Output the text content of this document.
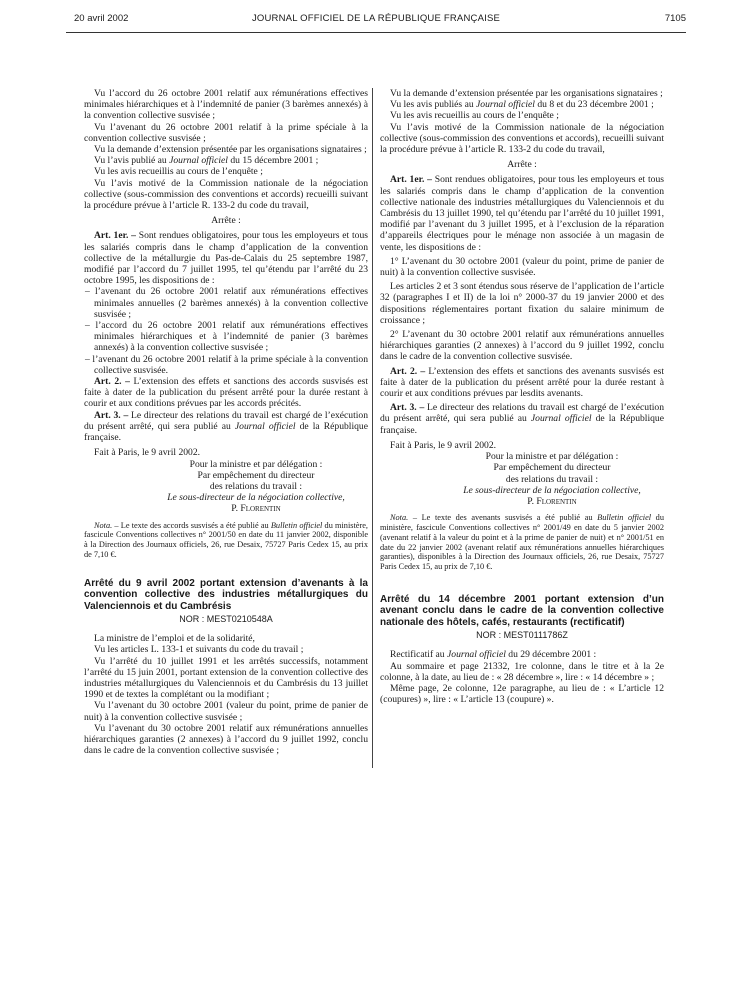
20 avril 2002	JOURNAL OFFICIEL DE LA RÉPUBLIQUE FRANÇAISE	7105

Vu l’accord du 26 octobre 2001 relatif aux rémunérations effectives minimales hiérarchiques et à l’indemnité de panier (3 barèmes annexés) à la convention collective susvisée ;

Vu l’avenant du 26 octobre 2001 relatif à la prime spéciale à la convention collective susvisée ;

Vu la demande d’extension présentée par les organisations signataires ;

Vu l’avis publié au Journal officiel du 15 décembre 2001 ;

Vu les avis recueillis au cours de l’enquête ;

Vu l’avis motivé de la Commission nationale de la négociation collective (sous-commission des conventions et accords) recueilli suivant la procédure prévue à l’article R. 133-2 du code du travail,

Arrête :

Art. 1er. – Sont rendues obligatoires, pour tous les employeurs et tous les salariés compris dans le champ d’application de la convention collective de la métallurgie du Pas-de-Calais du 25 septembre 1987, modifié par l’accord du 7 juillet 1995, tel qu’étendu par l’arrêté du 23 octobre 1995, les dispositions de :

– l’avenant du 26 octobre 2001 relatif aux rémunérations effectives minimales annuelles (2 barèmes annexés) à la convention collective susvisée ;

– l’accord du 26 octobre 2001 relatif aux rémunérations effectives minimales hiérarchiques et à l’indemnité de panier (3 barèmes annexés) à la convention collective susvisée ;

– l’avenant du 26 octobre 2001 relatif à la prime spéciale à la convention collective susvisée.

Art. 2. – L’extension des effets et sanctions des accords susvisés est faite à dater de la publication du présent arrêté pour la durée restant à courir et aux conditions prévues par les accords précités.

Art. 3. – Le directeur des relations du travail est chargé de l’exécution du présent arrêté, qui sera publié au Journal officiel de la République française.

Fait à Paris, le 9 avril 2002.

Pour la ministre et par délégation :

Par empêchement du directeur

des relations du travail :

Le sous-directeur de la négociation collective,

P. Florentin

Nota. – Le texte des accords susvisés a été publié au Bulletin officiel du ministère, fascicule Conventions collectives n° 2001/50 en date du 11 janvier 2002, disponible à la Direction des Journaux officiels, 26, rue Desaix, 75727 Paris Cedex 15, au prix de 7,10 €.

Arrêté du 9 avril 2002 portant extension d’avenants à la convention collective des industries métallurgiques du Valenciennois et du Cambrésis

NOR : MEST0210548A

La ministre de l’emploi et de la solidarité,

Vu les articles L. 133-1 et suivants du code du travail ;

Vu l’arrêté du 10 juillet 1991 et les arrêtés successifs, notamment l’arrêté du 15 juin 2001, portant extension de la convention collective des industries métallurgiques du Valenciennois et du Cambrésis du 13 juillet 1990 et de textes la complétant ou la modifiant ;

Vu l’avenant du 30 octobre 2001 (valeur du point, prime de panier de nuit) à la convention collective susvisée ;

Vu l’avenant du 30 octobre 2001 relatif aux rémunérations annuelles hiérarchiques garanties (2 annexes) à l’accord du 9 juillet 1992, conclu dans le cadre de la convention collective susvisée ;

Vu la demande d’extension présentée par les organisations signataires ;

Vu les avis publiés au Journal officiel du 8 et du 23 décembre 2001 ;

Vu les avis recueillis au cours de l’enquête ;

Vu l’avis motivé de la Commission nationale de la négociation collective (sous-commission des conventions et accords), recueilli suivant la procédure prévue à l’article R. 133-2 du code du travail,

Arrête :

Art. 1er. – Sont rendues obligatoires, pour tous les employeurs et tous les salariés compris dans le champ d’application de la convention collective nationale des industries métallurgiques du Valenciennois et du Cambrésis du 13 juillet 1990, tel qu’étendu par l’arrêté du 10 juillet 1991, modifié par l’avenant du 3 juillet 1995, et à l’exclusion de la réparation d’appareils électriques pour le ménage non associée à un magasin de vente, les dispositions de :

1° L’avenant du 30 octobre 2001 (valeur du point, prime de panier de nuit) à la convention collective susvisée.

Les articles 2 et 3 sont étendus sous réserve de l’application de l’article 32 (paragraphes I et II) de la loi n° 2000-37 du 19 janvier 2000 et des dispositions réglementaires portant fixation du salaire minimum de croissance ;

2° L’avenant du 30 octobre 2001 relatif aux rémunérations annuelles hiérarchiques garanties (2 annexes) à l’accord du 9 juillet 1992, conclu dans le cadre de la convention collective susvisée.

Art. 2. – L’extension des effets et sanctions des avenants susvisés est faite à dater de la publication du présent arrêté pour la durée restant à courir et aux conditions prévues par lesdits avenants.

Art. 3. – Le directeur des relations du travail est chargé de l’exécution du présent arrêté, qui sera publié au Journal officiel de la République française.

Fait à Paris, le 9 avril 2002.

Pour la ministre et par délégation :

Par empêchement du directeur

des relations du travail :

Le sous-directeur de la négociation collective,

P. Florentin

Nota. – Le texte des avenants susvisés a été publié au Bulletin officiel du ministère, fascicule Conventions collectives n° 2001/49 en date du 5 janvier 2002 (avenant relatif à la valeur du point et à la prime de panier de nuit) et n° 2001/51 en date du 22 janvier 2002 (avenant relatif aux rémunérations annuelles hiérarchiques garanties), disponibles à la Direction des Journaux officiels, 26, rue Desaix, 75727 Paris Cedex 15, au prix de 7,10 €.

Arrêté du 14 décembre 2001 portant extension d’un avenant conclu dans le cadre de la convention collective nationale des hôtels, cafés, restaurants (rectificatif)

NOR : MEST0111786Z

Rectificatif au Journal officiel du 29 décembre 2001 :

Au sommaire et page 21332, 1re colonne, dans le titre et à la 2e colonne, à la date, au lieu de : « 28 décembre », lire : « 14 décembre » ;

Même page, 2e colonne, 12e paragraphe, au lieu de : « L’article 12 (coupures) », lire : « L’article 13 (coupure) ».
